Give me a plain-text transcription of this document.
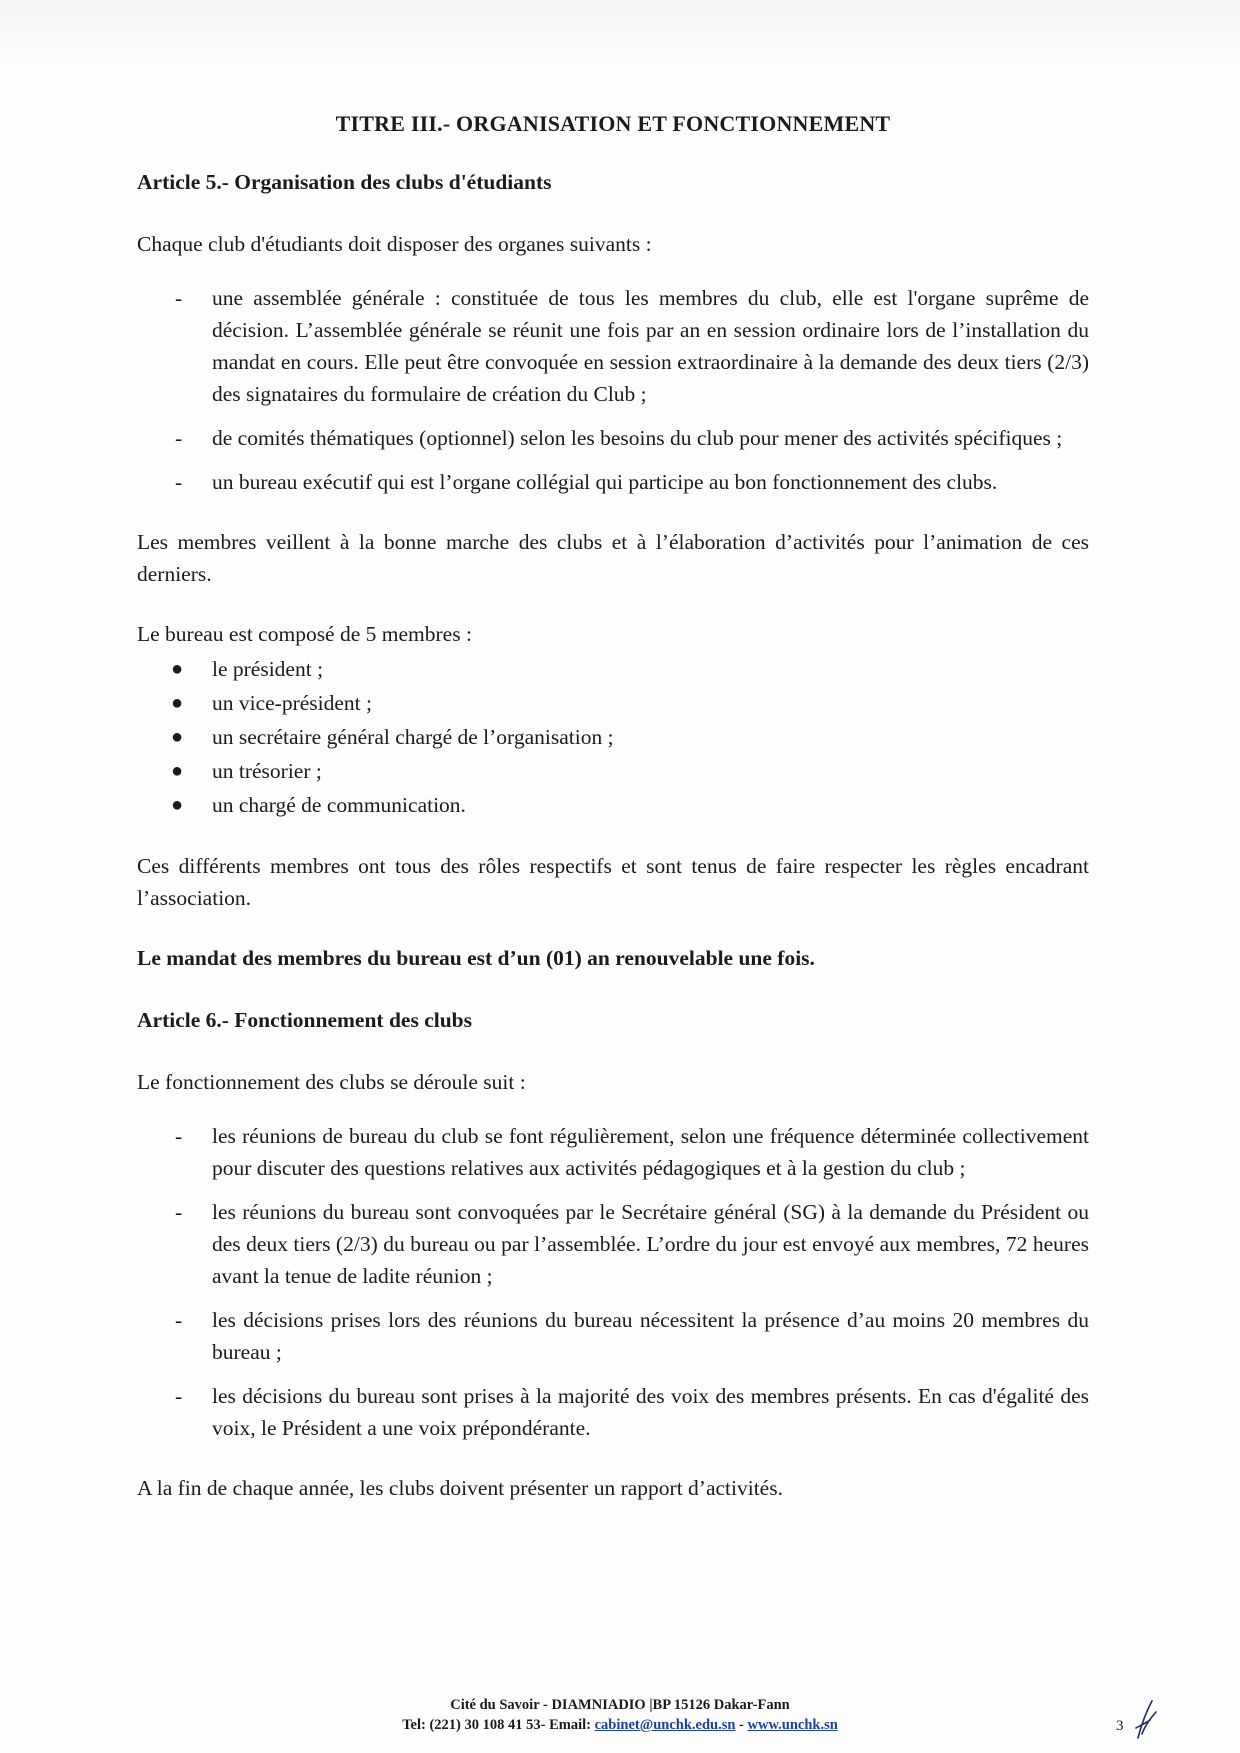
TITRE III.- ORGANISATION ET FONCTIONNEMENT

Article 5.- Organisation des clubs d'étudiants

Chaque club d'étudiants doit disposer des organes suivants :

- une assemblée générale : constituée de tous les membres du club, elle est l'organe suprême de décision. L’assemblée générale se réunit une fois par an en session ordinaire lors de l’installation du mandat en cours. Elle peut être convoquée en session extraordinaire à la demande des deux tiers (2/3) des signataires du formulaire de création du Club ;
- de comités thématiques (optionnel) selon les besoins du club pour mener des activités spécifiques ;
- un bureau exécutif qui est l’organe collégial qui participe au bon fonctionnement des clubs.

Les membres veillent à la bonne marche des clubs et à l’élaboration d’activités pour l’animation de ces derniers.

Le bureau est composé de 5 membres :

● le président ;
● un vice-président ;
● un secrétaire général chargé de l’organisation ;
● un trésorier ;
● un chargé de communication.

Ces différents membres ont tous des rôles respectifs et sont tenus de faire respecter les règles encadrant l’association.

Le mandat des membres du bureau est d’un (01) an renouvelable une fois.

Article 6.- Fonctionnement des clubs

Le fonctionnement des clubs se déroule suit :

- les réunions de bureau du club se font régulièrement, selon une fréquence déterminée collectivement pour discuter des questions relatives aux activités pédagogiques et à la gestion du club ;
- les réunions du bureau sont convoquées par le Secrétaire général (SG) à la demande du Président ou des deux tiers (2/3) du bureau ou par l’assemblée. L’ordre du jour est envoyé aux membres, 72 heures avant la tenue de ladite réunion ;
- les décisions prises lors des réunions du bureau nécessitent la présence d’au moins 20 membres du bureau ;
- les décisions du bureau sont prises à la majorité des voix des membres présents. En cas d'égalité des voix, le Président a une voix prépondérante.

A la fin de chaque année, les clubs doivent présenter un rapport d’activités.

Cité du Savoir - DIAMNIADIO |BP 15126 Dakar-Fann
Tel: (221) 30 108 41 53- Email: cabinet@unchk.edu.sn - www.unchk.sn	3
